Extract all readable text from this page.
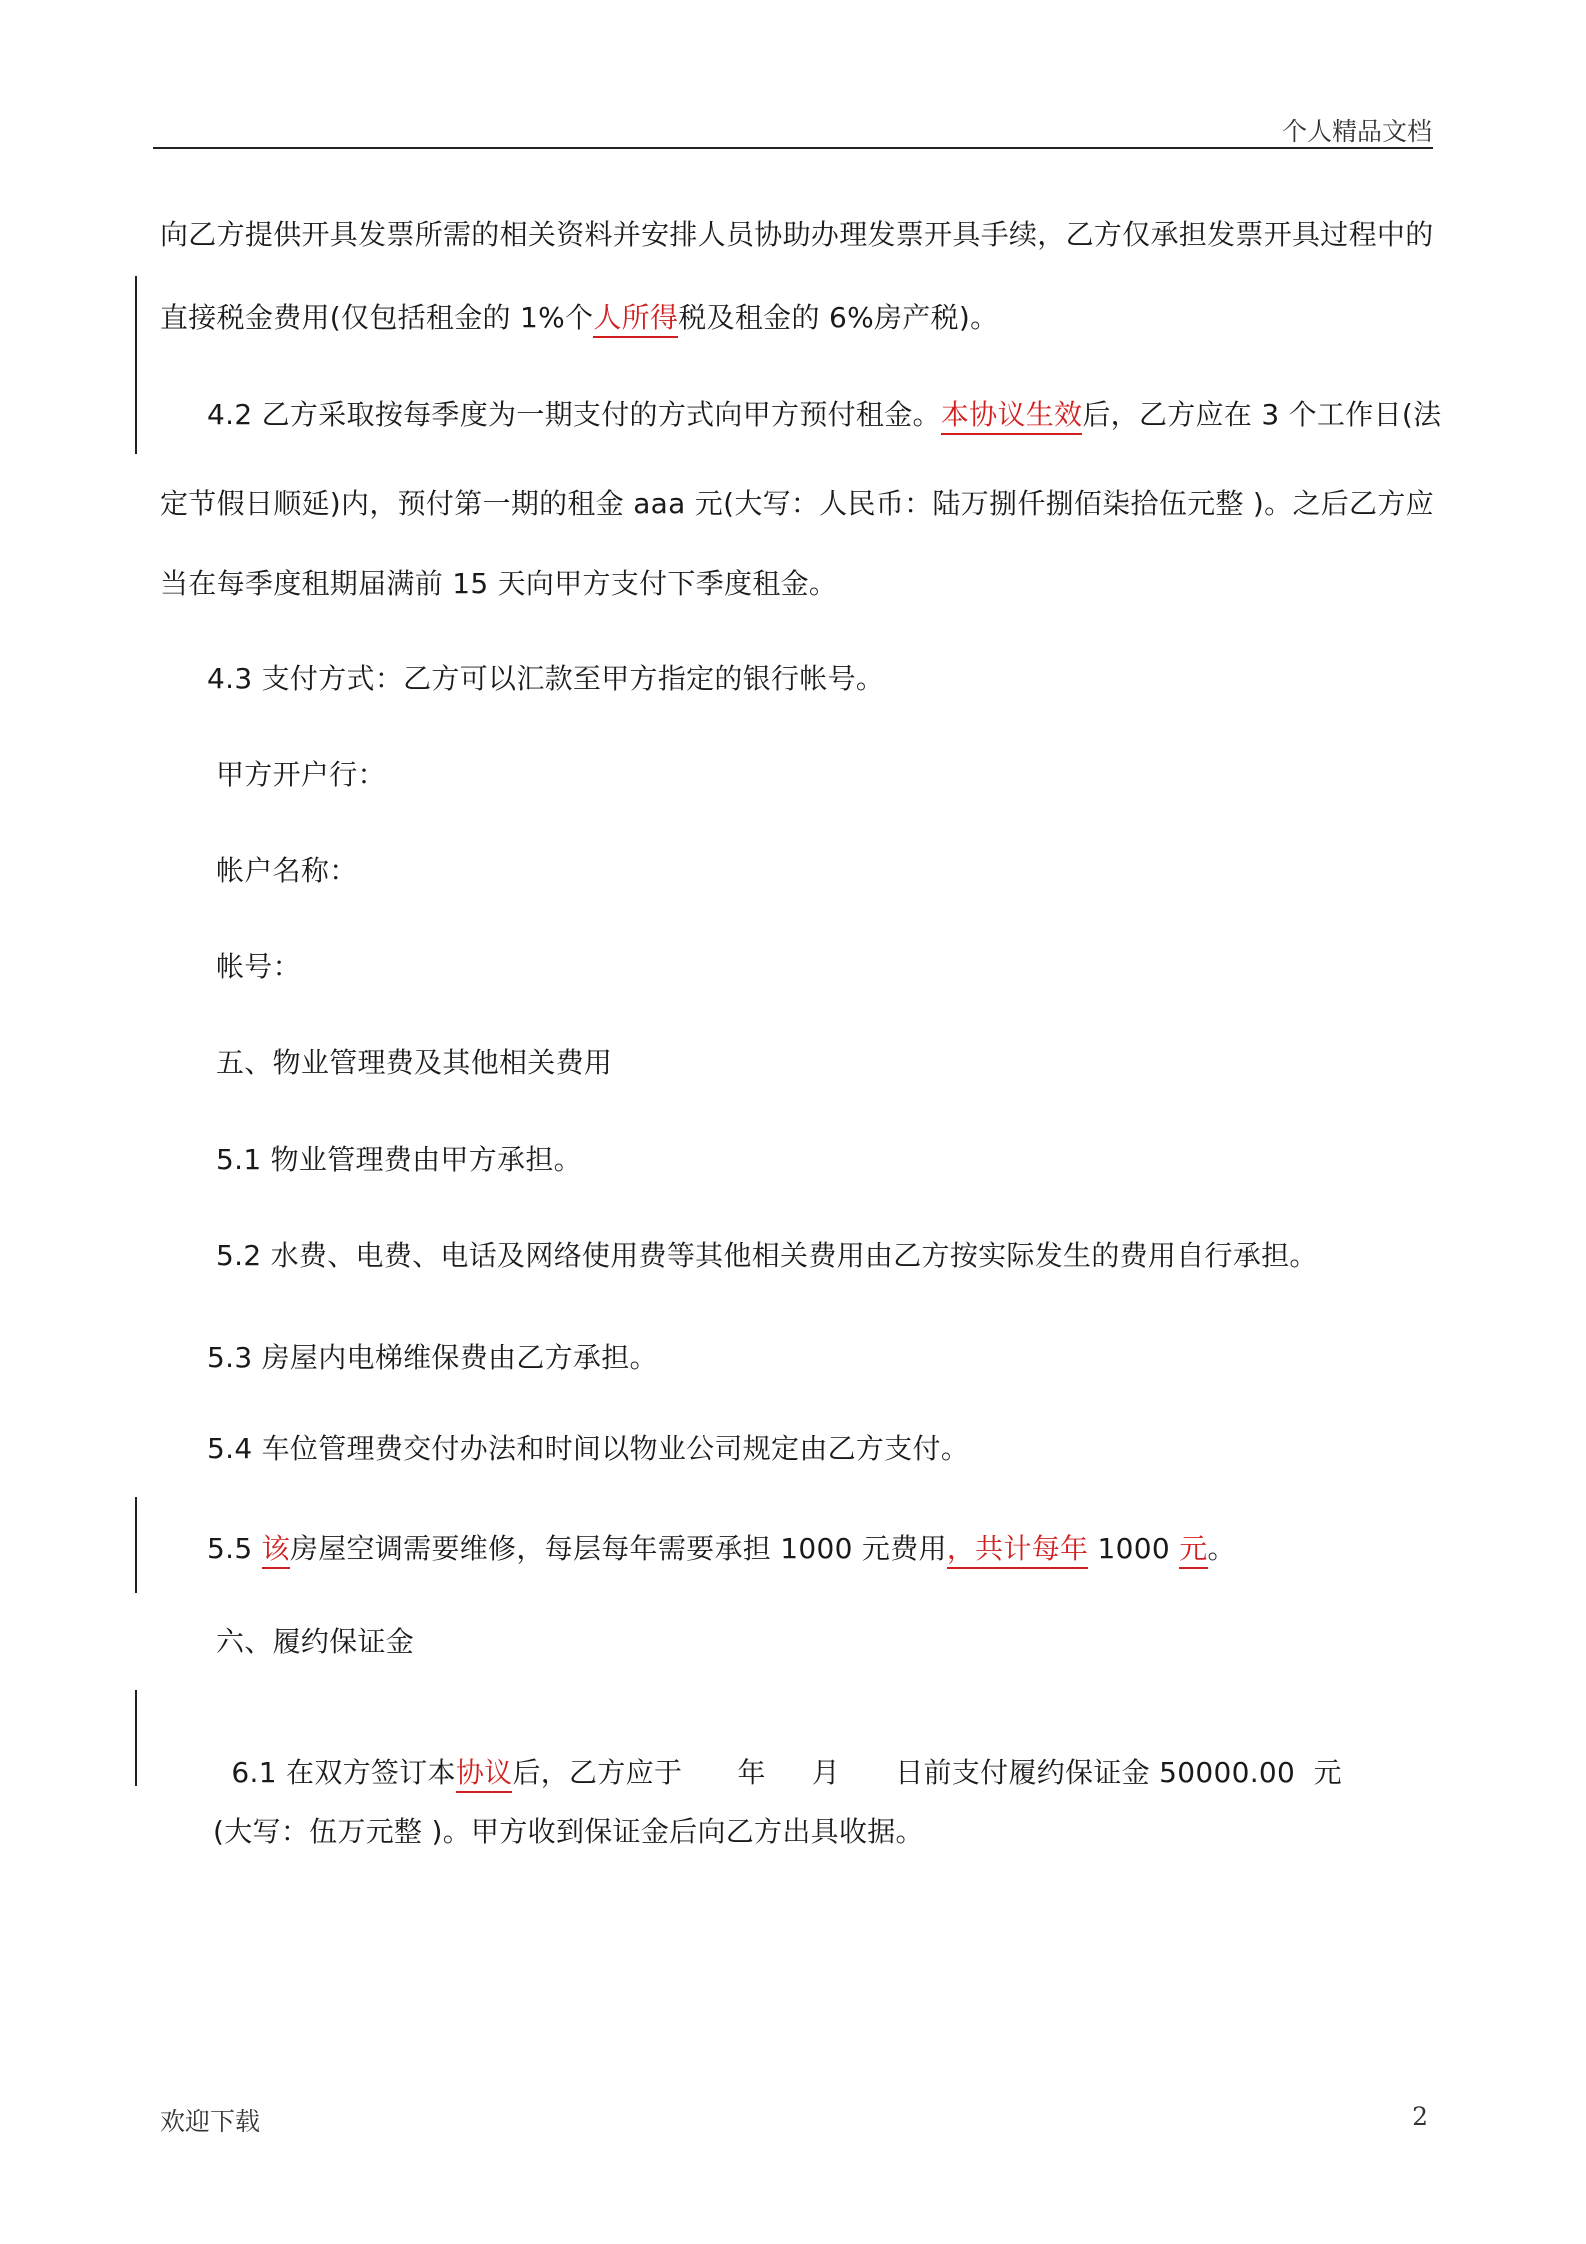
个人精品文档
向乙方提供开具发票所需的相关资料并安排人员协助办理发票开具手续，乙方仅承担发票开具过程中的
直接税金费用(仅包括租金的 1%个人所得税及租金的 6%房产税)。
4.2 乙方采取按每季度为一期支付的方式向甲方预付租金。本协议生效后，乙方应在 3 个工作日(法
定节假日顺延)内，预付第一期的租金 aaa 元(大写：人民币：陆万捌仟捌佰柒拾伍元整 )。之后乙方应
当在每季度租期届满前 15 天向甲方支付下季度租金。
4.3 支付方式：乙方可以汇款至甲方指定的银行帐号。
甲方开户行：
帐户名称：
帐号：
五、物业管理费及其他相关费用
5.1 物业管理费由甲方承担。
5.2 水费、电费、电话及网络使用费等其他相关费用由乙方按实际发生的费用自行承担。
5.3 房屋内电梯维保费由乙方承担。
5.4 车位管理费交付办法和时间以物业公司规定由乙方支付。
5.5 该房屋空调需要维修，每层每年需要承担 1000 元费用，共计每年 1000 元。
六、履约保证金

6.1 在双方签订本协议后，乙方应于      年     月      日前支付履约保证金 50000.00  元

(大写：伍万元整 )。甲方收到保证金后向乙方出具收据。
欢迎下载	2
